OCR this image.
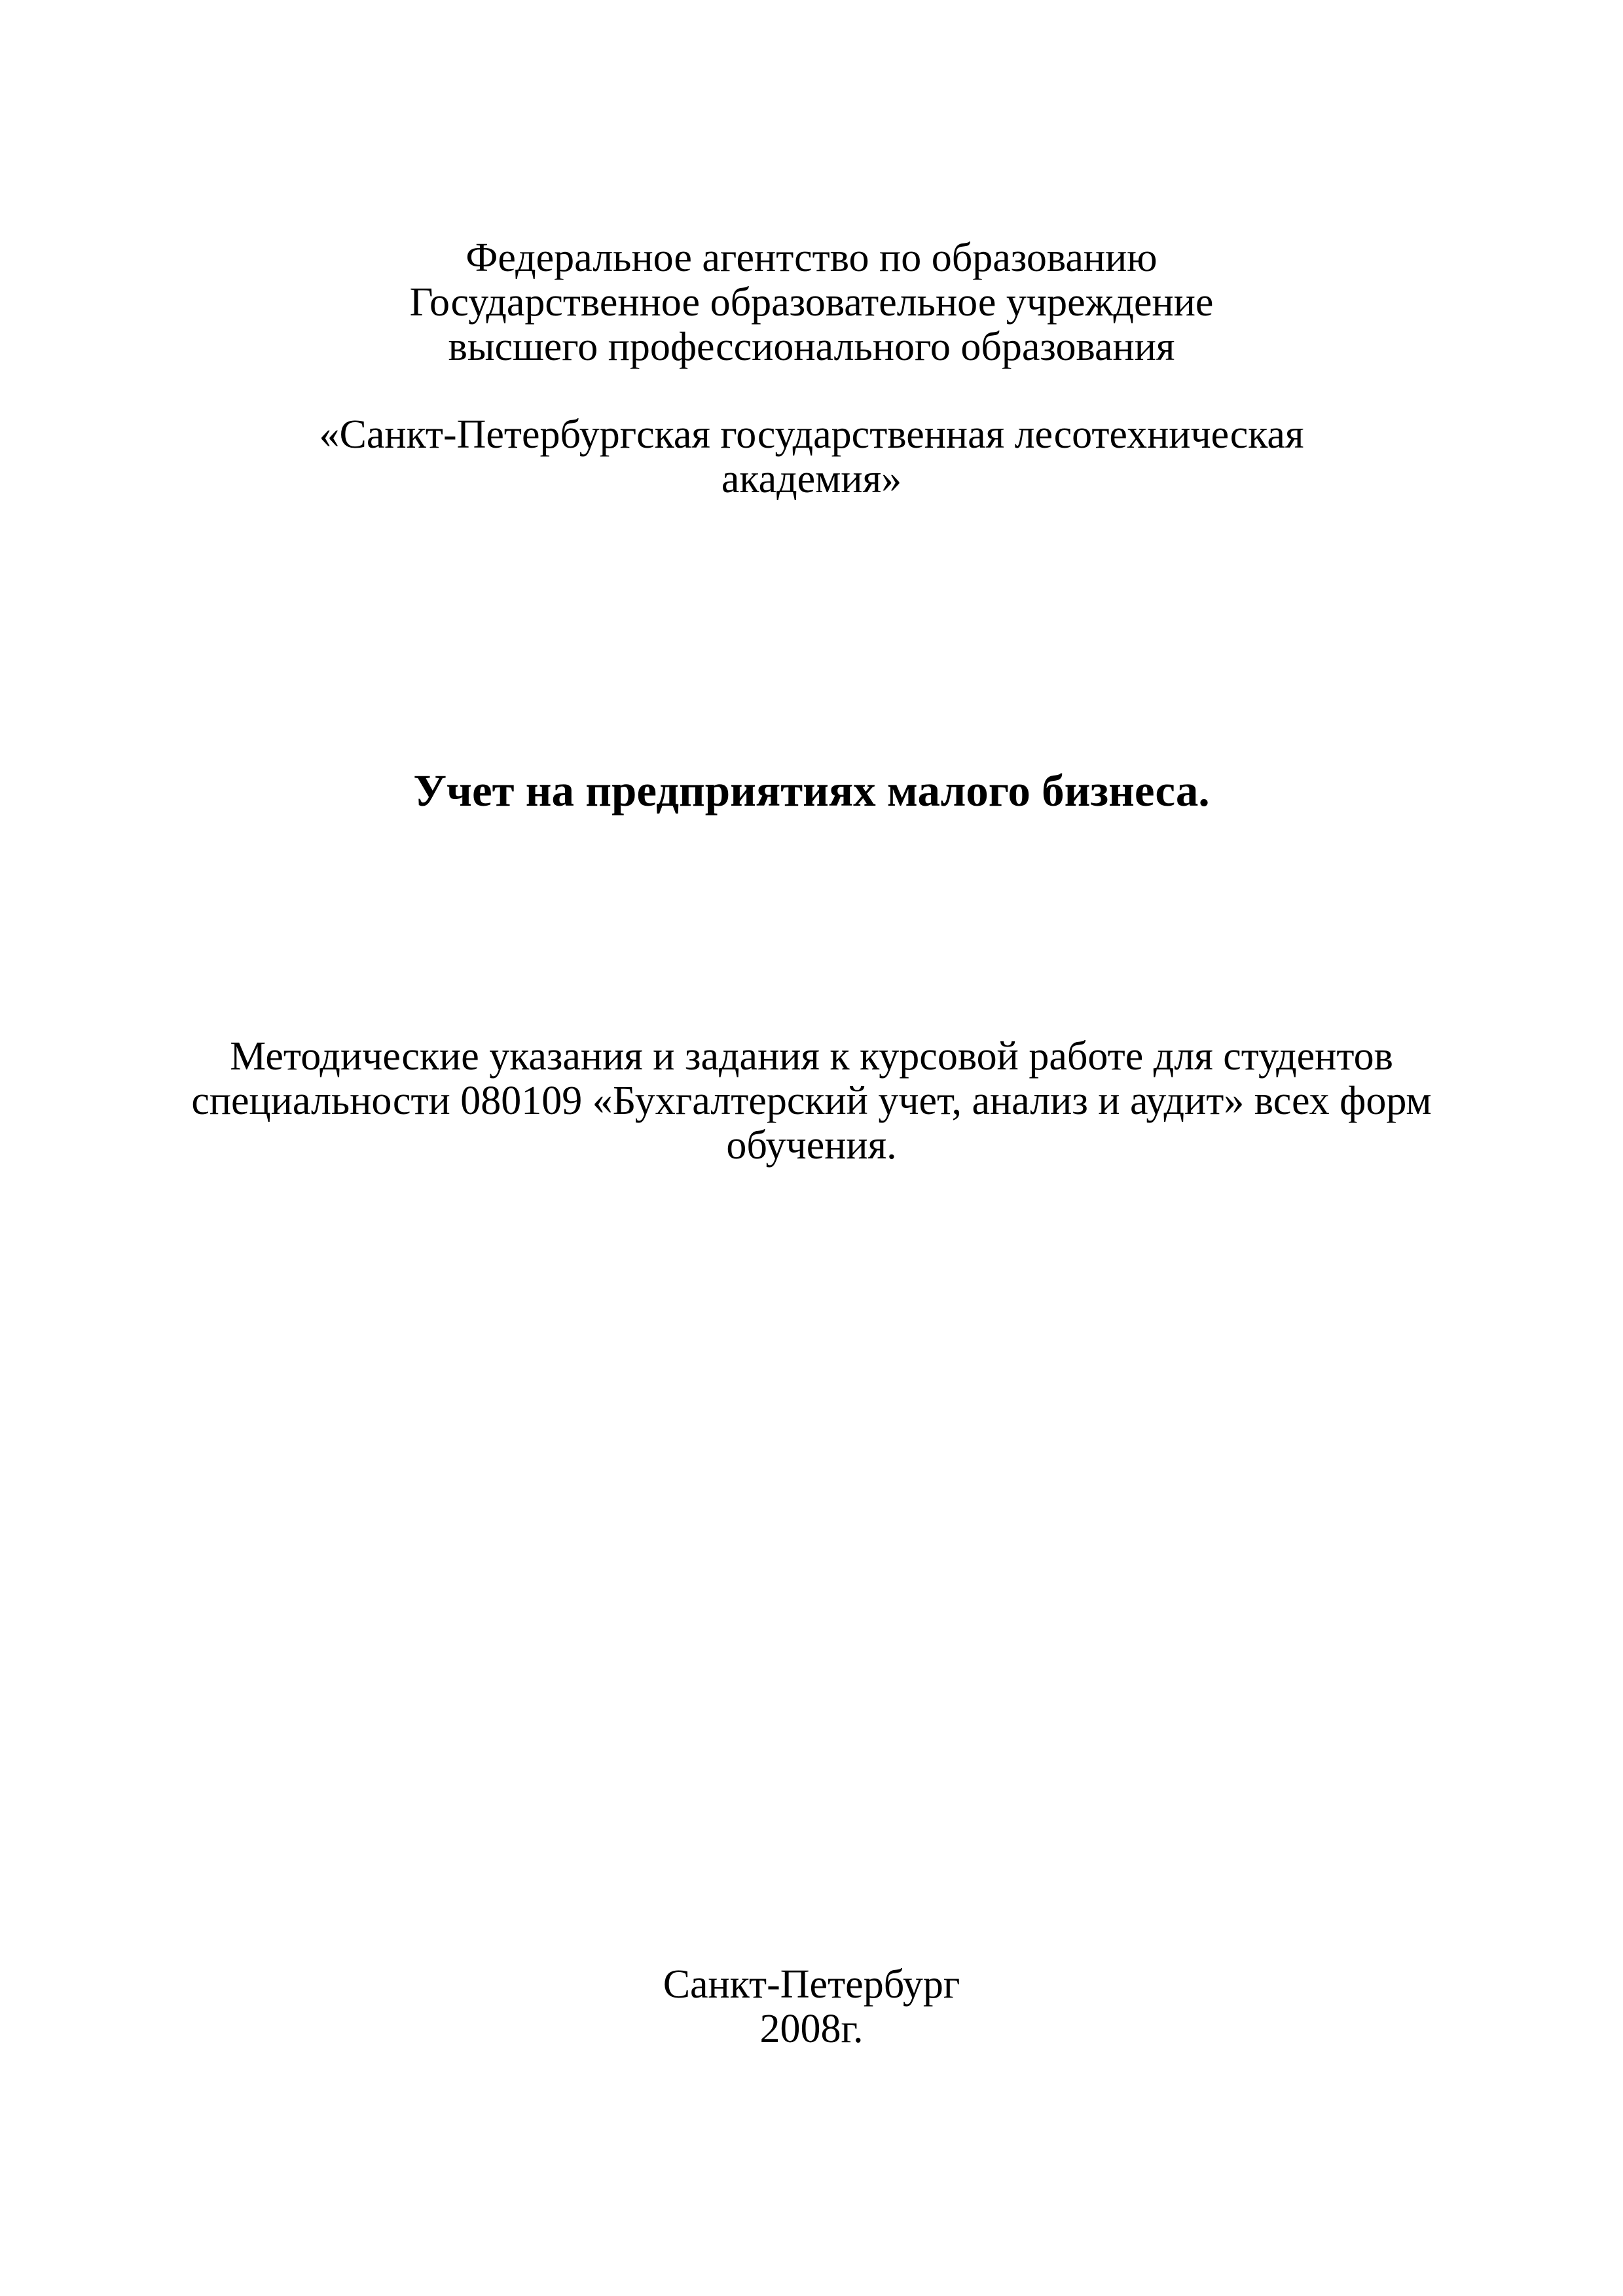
Федеральное агентство по образованию

Государственное образовательное учреждение

высшего профессионального образования

«Санкт-Петербургская государственная лесотехническая

академия»

Учет на предприятиях малого бизнеса.

Методические указания и задания к курсовой работе для студентов

специальности 080109 «Бухгалтерский учет, анализ и аудит» всех форм

обучения.

Санкт-Петербург

2008г.
